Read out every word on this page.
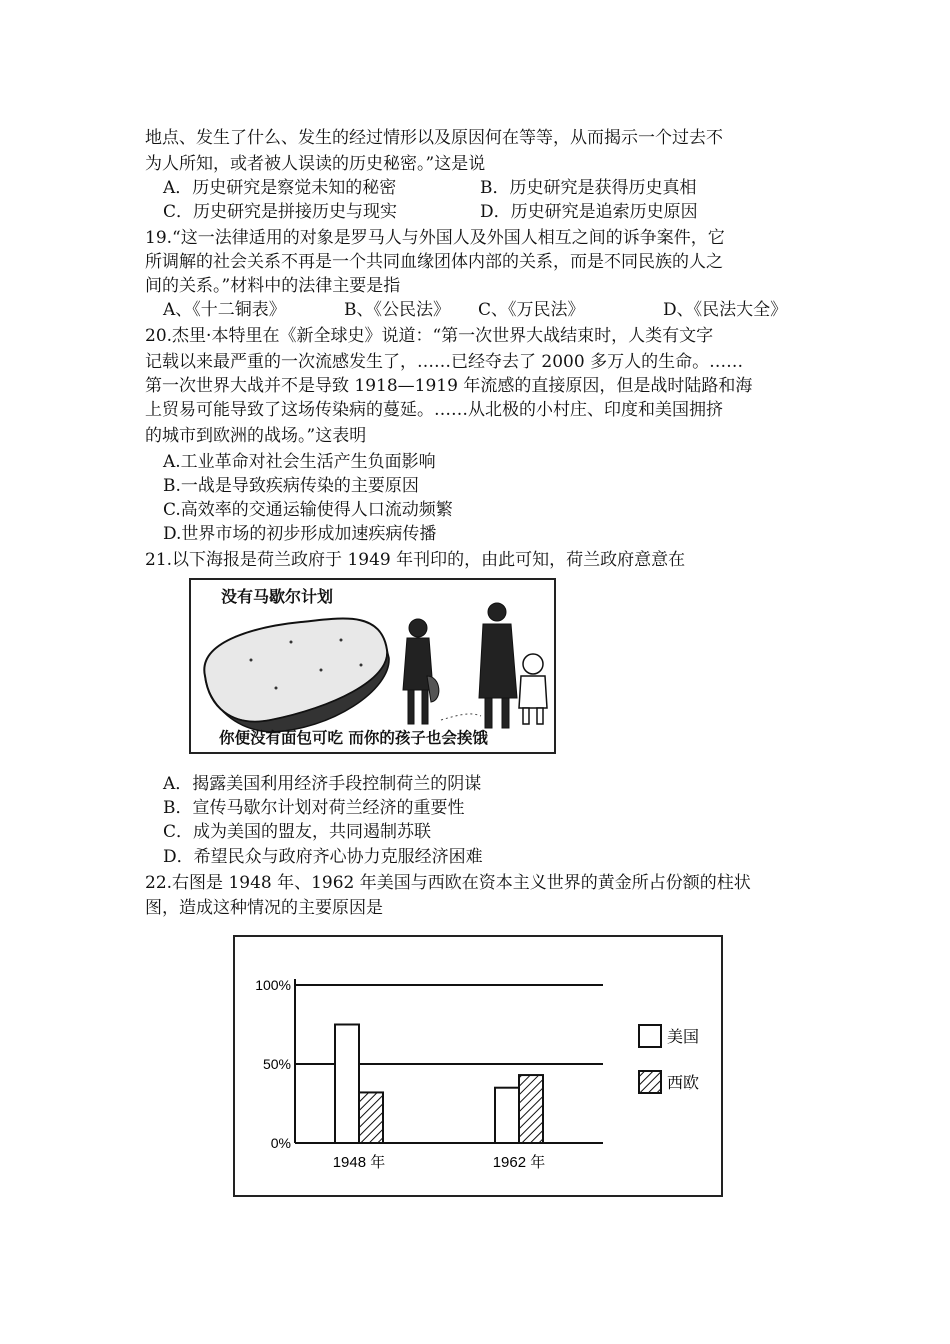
地点、发生了什么、发生的经过情形以及原因何在等等，从而揭示一个过去不
为人所知，或者被人误读的历史秘密。”这是说
A．历史研究是察觉未知的秘密	B．历史研究是获得历史真相
C．历史研究是拼接历史与现实	D．历史研究是追索历史原因
19.“这一法律适用的对象是罗马人与外国人及外国人相互之间的诉争案件，它
所调解的社会关系不再是一个共同血缘团体内部的关系，而是不同民族的人之
间的关系。”材料中的法律主要是指
A、《十二铜表》	B、《公民法》 C、《万民法》	D、《民法大全》
20.杰里·本特里在《新全球史》说道：“第一次世界大战结束时，人类有文字
记载以来最严重的一次流感发生了，……已经夺去了 2000 多万人的生命。……
第一次世界大战并不是导致 1918—1919 年流感的直接原因，但是战时陆路和海
上贸易可能导致了这场传染病的蔓延。……从北极的小村庄、印度和美国拥挤
的城市到欧洲的战场。”这表明
A.工业革命对社会生活产生负面影响
B.一战是导致疾病传染的主要原因
C.高效率的交通运输使得人口流动频繁
D.世界市场的初步形成加速疾病传播
21.以下海报是荷兰政府于 1949 年刊印的，由此可知，荷兰政府意意在
没有马歇尔计划
你便没有面包可吃 而你的孩子也会挨饿
A．揭露美国利用经济手段控制荷兰的阴谋
B．宣传马歇尔计划对荷兰经济的重要性
C．成为美国的盟友，共同遏制苏联
D．希望民众与政府齐心协力克服经济困难
22.右图是 1948 年、1962 年美国与西欧在资本主义世界的黄金所占份额的柱状
图，造成这种情况的主要原因是
100%
50%
0%
1948 年	1962 年
美国
西欧
